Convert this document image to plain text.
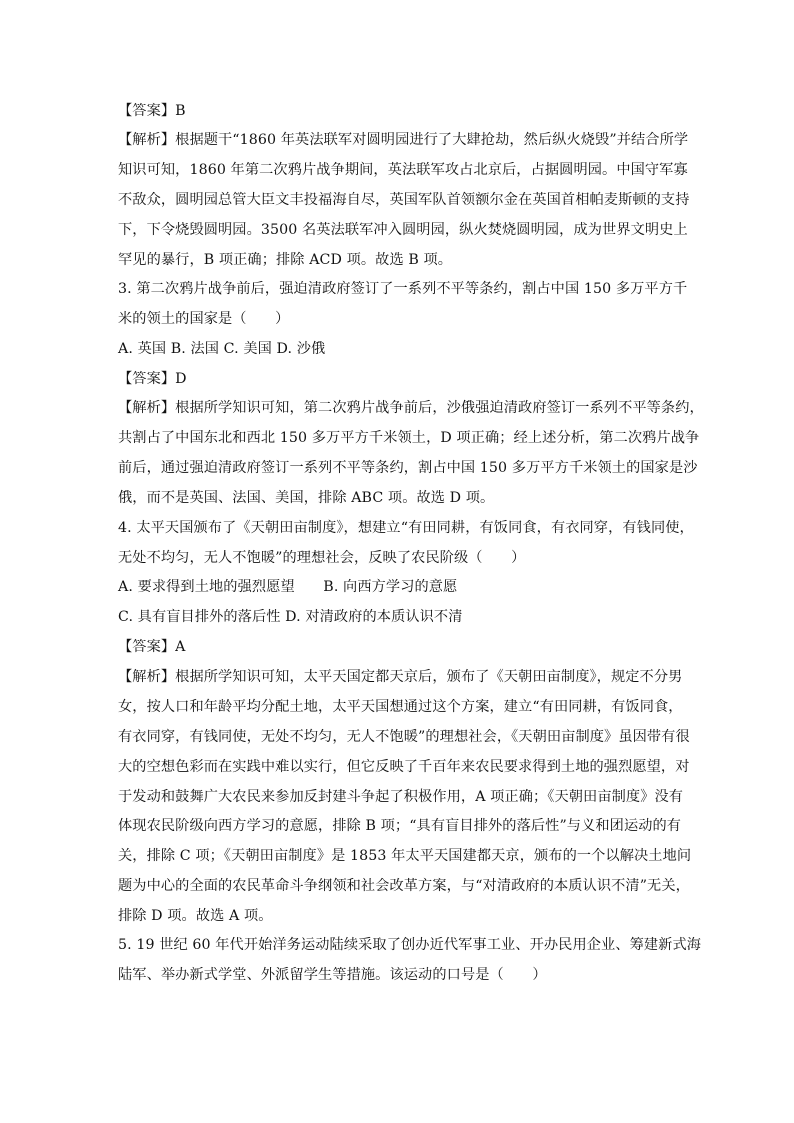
【答案】B
【解析】根据题干“1860 年英法联军对圆明园进行了大肆抢劫，然后纵火烧毁”并结合所学
知识可知，1860 年第二次鸦片战争期间，英法联军攻占北京后，占据圆明园。中国守军寡
不敌众，圆明园总管大臣文丰投福海自尽，英国军队首领额尔金在英国首相帕麦斯顿的支持
下，下令烧毁圆明园。3500 名英法联军冲入圆明园，纵火焚烧圆明园，成为世界文明史上
罕见的暴行，B 项正确；排除 ACD 项。故选 B 项。
3. 第二次鸦片战争前后，强迫清政府签订了一系列不平等条约，割占中国 150 多万平方千
米的领土的国家是（　　）
A. 英国 B. 法国 C. 美国 D. 沙俄
【答案】D
【解析】根据所学知识可知，第二次鸦片战争前后，沙俄强迫清政府签订一系列不平等条约，
共割占了中国东北和西北 150 多万平方千米领土，D 项正确；经上述分析，第二次鸦片战争
前后，通过强迫清政府签订一系列不平等条约，割占中国 150 多万平方千米领土的国家是沙
俄，而不是英国、法国、美国，排除 ABC 项。故选 D 项。
4. 太平天国颁布了《天朝田亩制度》，想建立“有田同耕，有饭同食，有衣同穿，有钱同使，
无处不均匀，无人不饱暖”的理想社会，反映了农民阶级（　　）
A. 要求得到土地的强烈愿望　　B. 向西方学习的意愿
C. 具有盲目排外的落后性 D. 对清政府的本质认识不清
【答案】A
【解析】根据所学知识可知，太平天国定都天京后，颁布了《天朝田亩制度》，规定不分男
女，按人口和年龄平均分配土地，太平天国想通过这个方案，建立“有田同耕，有饭同食，
有衣同穿，有钱同使，无处不均匀，无人不饱暖”的理想社会，《天朝田亩制度》虽因带有很
大的空想色彩而在实践中难以实行，但它反映了千百年来农民要求得到土地的强烈愿望，对
于发动和鼓舞广大农民来参加反封建斗争起了积极作用，A 项正确；《天朝田亩制度》没有
体现农民阶级向西方学习的意愿，排除 B 项；“具有盲目排外的落后性”与义和团运动的有
关，排除 C 项；《天朝田亩制度》是 1853 年太平天国建都天京，颁布的一个以解决土地问
题为中心的全面的农民革命斗争纲领和社会改革方案，与“对清政府的本质认识不清”无关，
排除 D 项。故选 A 项。
5. 19 世纪 60 年代开始洋务运动陆续采取了创办近代军事工业、开办民用企业、筹建新式海
陆军、举办新式学堂、外派留学生等措施。该运动的口号是（　　）
